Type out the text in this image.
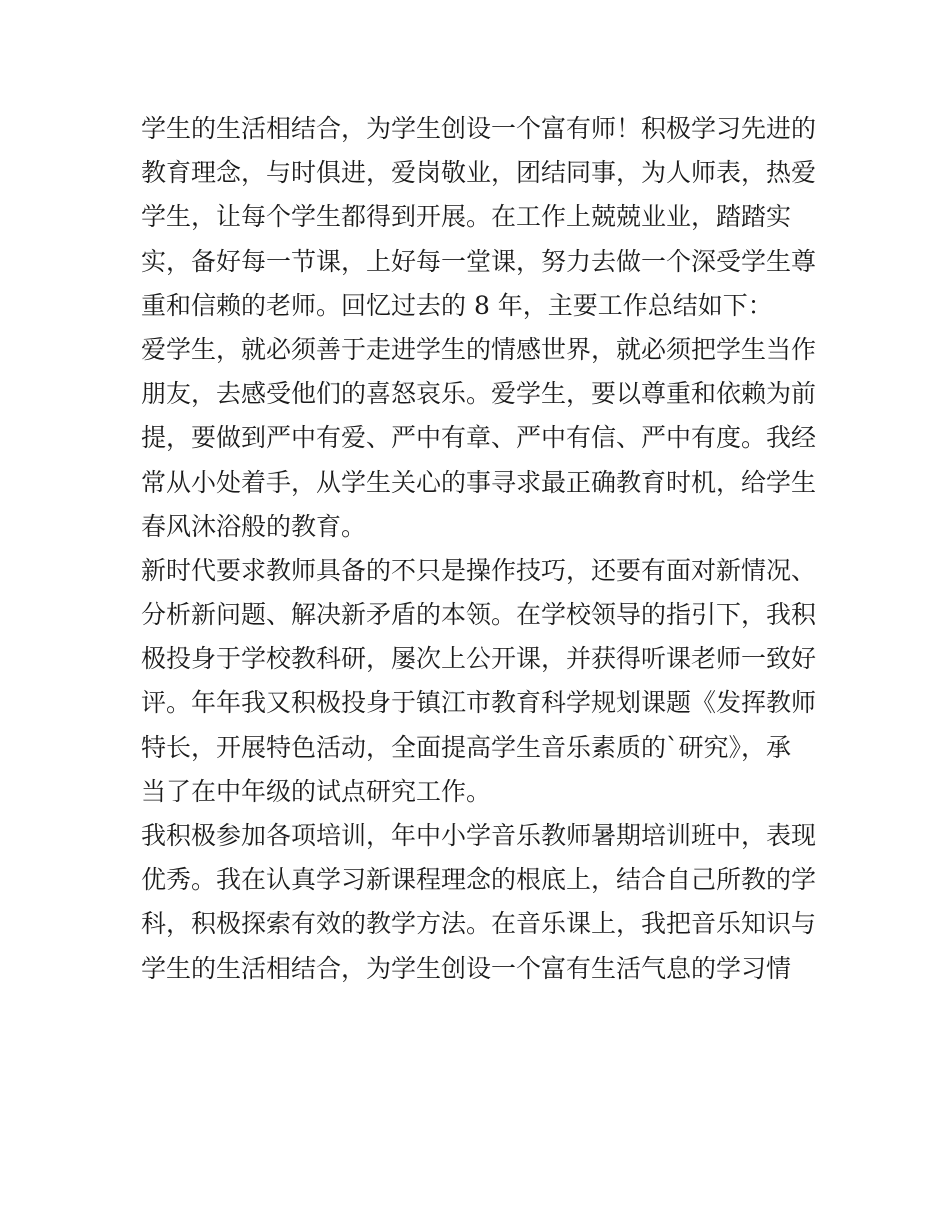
学生的生活相结合，为学生创设一个富有师！积极学习先进的
教育理念，与时俱进，爱岗敬业，团结同事，为人师表，热爱
学生，让每个学生都得到开展。在工作上兢兢业业，踏踏实
实，备好每一节课，上好每一堂课，努力去做一个深受学生尊
重和信赖的老师。回忆过去的 8 年，主要工作总结如下：
爱学生，就必须善于走进学生的情感世界，就必须把学生当作
朋友，去感受他们的喜怒哀乐。爱学生，要以尊重和依赖为前
提，要做到严中有爱、严中有章、严中有信、严中有度。我经
常从小处着手，从学生关心的事寻求最正确教育时机，给学生
春风沐浴般的教育。
新时代要求教师具备的不只是操作技巧，还要有面对新情况、
分析新问题、解决新矛盾的本领。在学校领导的指引下，我积
极投身于学校教科研，屡次上公开课，并获得听课老师一致好
评。年年我又积极投身于镇江市教育科学规划课题《发挥教师
特长，开展特色活动，全面提高学生音乐素质的`研究》，承
当了在中年级的试点研究工作。
我积极参加各项培训，年中小学音乐教师暑期培训班中，表现
优秀。我在认真学习新课程理念的根底上，结合自己所教的学
科，积极探索有效的教学方法。在音乐课上，我把音乐知识与
学生的生活相结合，为学生创设一个富有生活气息的学习情
